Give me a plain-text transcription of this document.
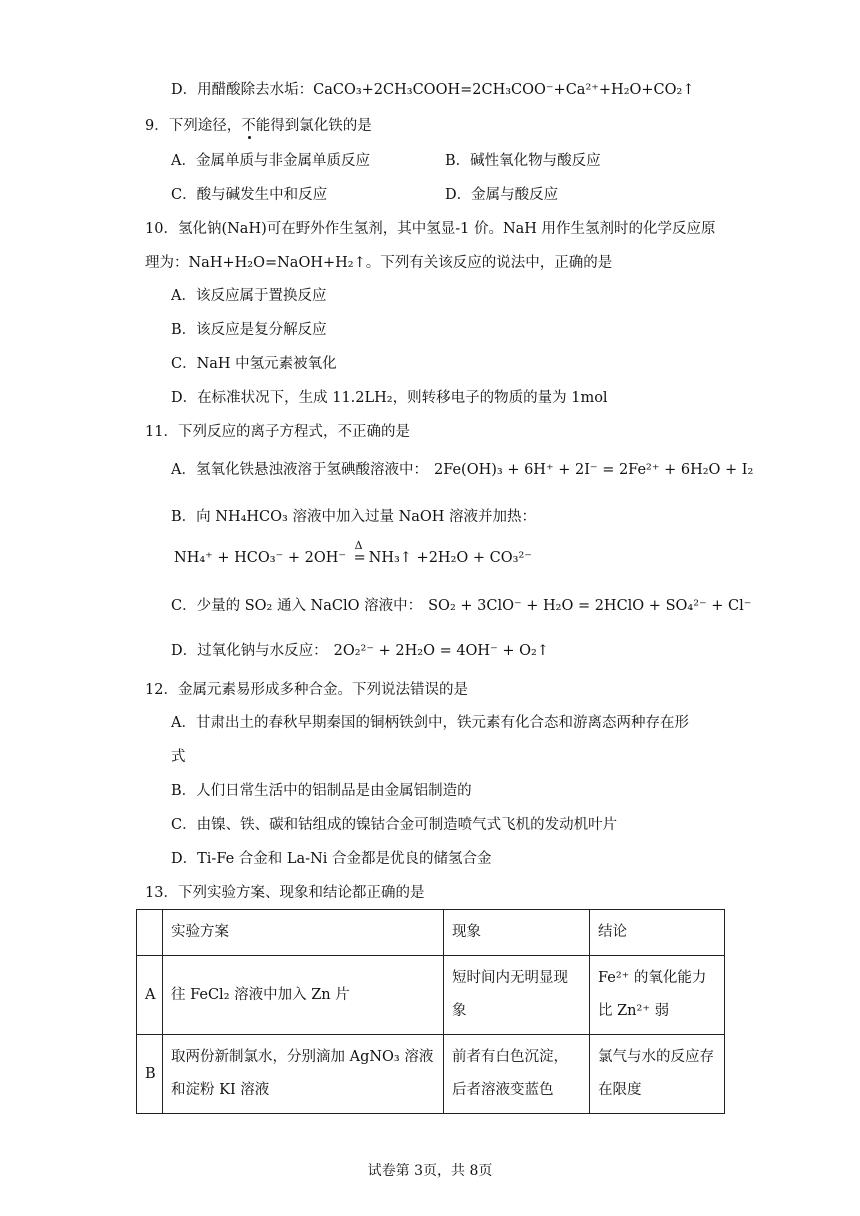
D．用醋酸除去水垢：CaCO₃+2CH₃COOH=2CH₃COO⁻+Ca²⁺+H₂O+CO₂↑
9．下列途径，不能得到氯化铁的是
A．金属单质与非金属单质反应	B．碱性氧化物与酸反应
C．酸与碱发生中和反应	D．金属与酸反应
10．氢化钠(NaH)可在野外作生氢剂，其中氢显-1 价。NaH 用作生氢剂时的化学反应原
理为：NaH+H₂O=NaOH+H₂↑。下列有关该反应的说法中，正确的是
A．该反应属于置换反应
B．该反应是复分解反应
C．NaH 中氢元素被氧化
D．在标准状况下，生成 11.2LH₂，则转移电子的物质的量为 1mol
11．下列反应的离子方程式，不正确的是
A．氢氧化铁悬浊液溶于氢碘酸溶液中： 2Fe(OH)₃ + 6H⁺ + 2I⁻ = 2Fe²⁺ + 6H₂O + I₂
B．向 NH₄HCO₃ 溶液中加入过量 NaOH 溶液并加热：
NH₄⁺ + HCO₃⁻ + 2OH⁻
Δ
= NH₃↑ +2H₂O + CO₃²⁻
C．少量的 SO₂ 通入 NaClO 溶液中： SO₂ + 3ClO⁻ + H₂O = 2HClO + SO₄²⁻ + Cl⁻
D．过氧化钠与水反应： 2O₂²⁻ + 2H₂O = 4OH⁻ + O₂↑
12．金属元素易形成多种合金。下列说法错误的是
A．甘肃出土的春秋早期秦国的铜柄铁剑中，铁元素有化合态和游离态两种存在形
式
B．人们日常生活中的铝制品是由金属铝制造的
C．由镍、铁、碳和钴组成的镍钴合金可制造喷气式飞机的发动机叶片
D．Ti-Fe 合金和 La-Ni 合金都是优良的储氢合金
13．下列实验方案、现象和结论都正确的是
	实验方案	现象	结论
A	往 FeCl₂ 溶液中加入 Zn 片	短时间内无明显现象	Fe²⁺ 的氧化能力比 Zn²⁺ 弱
B	取两份新制氯水，分别滴加 AgNO₃ 溶液和淀粉 KI 溶液	前者有白色沉淀，后者溶液变蓝色	氯气与水的反应存在限度
试卷第 3页，共 8页
